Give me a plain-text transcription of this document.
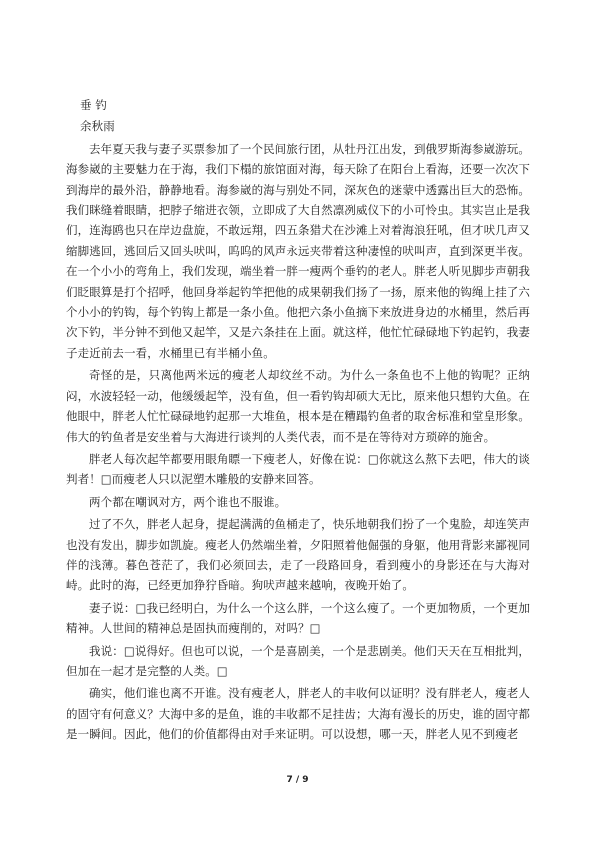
垂 钓
余秋雨

去年夏天我与妻子买票参加了一个民间旅行团，从牡丹江出发，到俄罗斯海参崴游玩。海参崴的主要魅力在于海，我们下榻的旅馆面对海，每天除了在阳台上看海，还要一次次下到海岸的最外沿，静静地看。海参崴的海与别处不同，深灰色的迷蒙中透露出巨大的恐怖。我们眯缝着眼睛，把脖子缩进衣领，立即成了大自然凛冽威仪下的小可怜虫。其实岂止是我们，连海鸥也只在岸边盘旋，不敢远翔，四五条猎犬在沙滩上对着海浪狂吼，但才吠几声又缩脚逃回，逃回后又回头吠叫，呜呜的风声永远夹带着这种凄惶的吠叫声，直到深更半夜。在一个小小的弯角上，我们发现，端坐着一胖一瘦两个垂钓的老人。胖老人听见脚步声朝我们眨眼算是打个招呼，他回身举起钓竿把他的成果朝我们扬了一扬，原来他的钩绳上挂了六个小小的钓钩，每个钓钩上都是一条小鱼。他把六条小鱼摘下来放进身边的水桶里，然后再次下钓，半分钟不到他又起竿，又是六条挂在上面。就这样，他忙忙碌碌地下钓起钓，我妻子走近前去一看，水桶里已有半桶小鱼。

奇怪的是，只离他两米远的瘦老人却纹丝不动。为什么一条鱼也不上他的钩呢？正纳闷，水波轻轻一动，他缓缓起竿，没有鱼，但一看钓钩却硕大无比，原来他只想钓大鱼。在他眼中，胖老人忙忙碌碌地钓起那一大堆鱼，根本是在糟蹋钓鱼者的取舍标准和堂皇形象。伟大的钓鱼者是安坐着与大海进行谈判的人类代表，而不是在等待对方琐碎的施舍。

胖老人每次起竿都要用眼角瞟一下瘦老人，好像在说：□你就这么熬下去吧，伟大的谈判者！□而瘦老人只以泥塑木雕般的安静来回答。

两个都在嘲讽对方，两个谁也不服谁。

过了不久，胖老人起身，提起满满的鱼桶走了，快乐地朝我们扮了一个鬼脸，却连笑声也没有发出，脚步如凯旋。瘦老人仍然端坐着，夕阳照着他倔强的身躯，他用背影来鄙视同伴的浅薄。暮色苍茫了，我们必须回去，走了一段路回身，看到瘦小的身影还在与大海对峙。此时的海，已经更加狰狞昏暗。狗吠声越来越响，夜晚开始了。

妻子说：□我已经明白，为什么一个这么胖，一个这么瘦了。一个更加物质，一个更加精神。人世间的精神总是固执而瘦削的，对吗？□

我说：□说得好。但也可以说，一个是喜剧美，一个是悲剧美。他们天天在互相批判，但加在一起才是完整的人类。□

确实，他们谁也离不开谁。没有瘦老人，胖老人的丰收何以证明？没有胖老人，瘦老人的固守有何意义？大海中多的是鱼，谁的丰收都不足挂齿；大海有漫长的历史，谁的固守都是一瞬间。因此，他们的价值都得由对手来证明。可以设想，哪一天，胖老人见不到瘦老

7 / 9
